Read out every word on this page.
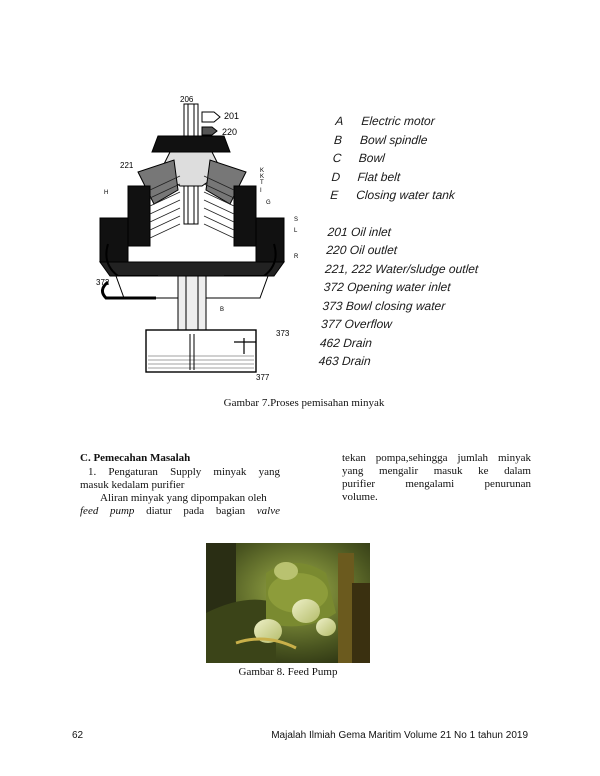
206
201
220
221
K
K
T
I
G
H
S
L
R
372
B
373
377
A Electric motor
B Bowl spindle
C Bowl
D Flat belt
E Closing water tank
201 Oil inlet
220 Oil outlet
221, 222 Water/sludge outlet
372 Opening water inlet
373 Bowl closing water
377 Overflow
462 Drain
463 Drain
Gambar 7.Proses pemisahan minyak
C. Pemecahan Masalah
1. Pengaturan Supply minyak yang
masuk kedalam purifier
Aliran minyak yang dipompakan oleh
feed pump diatur pada bagian valve
tekan pompa,sehingga jumlah minyak
yang mengalir masuk ke dalam
purifier mengalami penurunan
volume.
Gambar 8. Feed Pump
62	Majalah Ilmiah Gema Maritim Volume 21 No 1 tahun 2019
